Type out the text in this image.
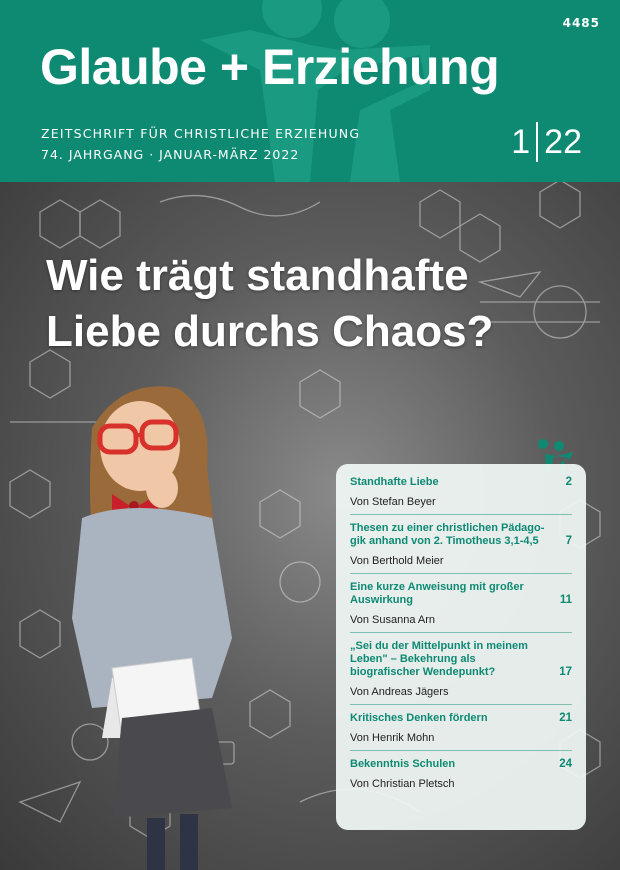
4485
Glaube + Erziehung
ZEITSCHRIFT FÜR CHRISTLICHE ERZIEHUNG
74. JAHRGANG · JANUAR-MÄRZ 2022	1 22
Wie trägt standhafte
Liebe durchs Chaos?
2
Standhafte Liebe
Von Stefan Beyer
7
Thesen zu einer christlichen Pädago-gik anhand von 2. Timotheus 3,1-4,5
Von Berthold Meier
11
Eine kurze Anweisung mit großer Auswirkung
Von Susanna Arn
17
„Sei du der Mittelpunkt in meinem Leben" – Bekehrung als biografischer Wendepunkt?
Von Andreas Jägers
21
Kritisches Denken fördern
Von Henrik Mohn
24
Bekenntnis Schulen
Von Christian Pletsch
